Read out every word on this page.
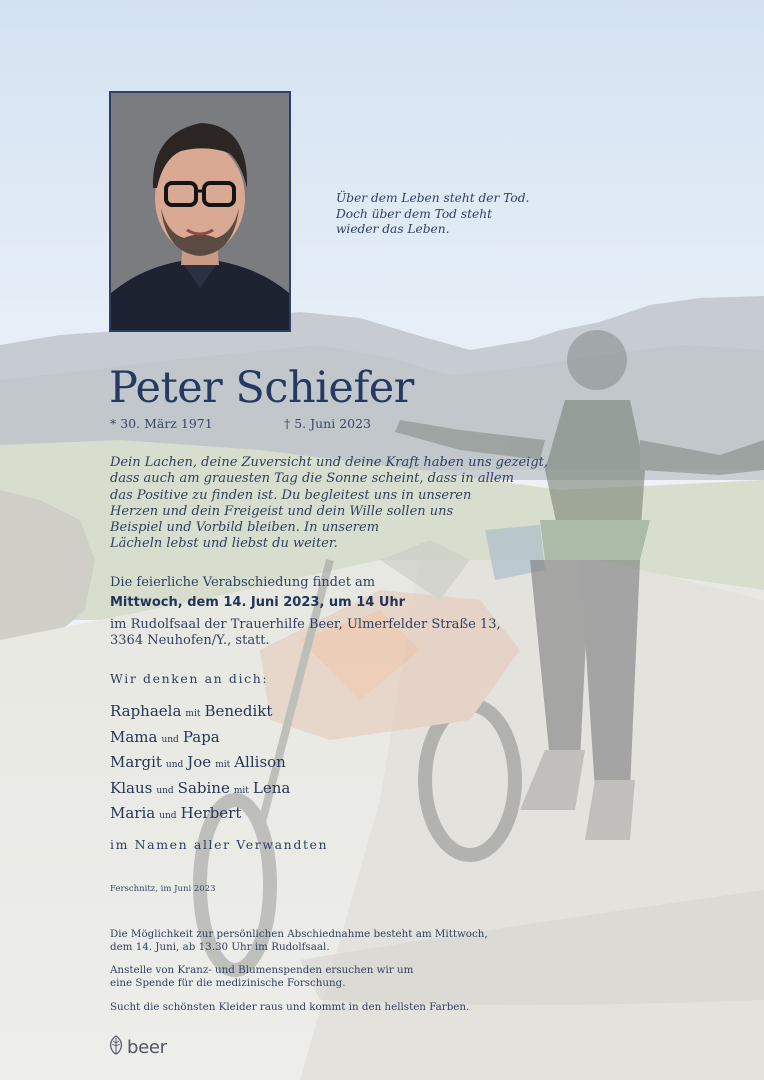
Über dem Leben steht der Tod.
Doch über dem Tod steht
wieder das Leben.
Peter Schiefer
* 30. März 1971	† 5. Juni 2023
Dein Lachen, deine Zuversicht und deine Kraft haben uns gezeigt,
dass auch am grauesten Tag die Sonne scheint, dass in allem
das Positive zu finden ist. Du begleitest uns in unseren
Herzen und dein Freigeist und dein Wille sollen uns
Beispiel und Vorbild bleiben. In unserem
Lächeln lebst und liebst du weiter.
Die feierliche Verabschiedung findet am
Mittwoch, dem 14. Juni 2023, um 14 Uhr
im Rudolfsaal der Trauerhilfe Beer, Ulmerfelder Straße 13,
3364 Neuhofen/Y., statt.
Wir denken an dich:
Raphaela mit Benedikt
Mama und Papa
Margit und Joe mit Allison
Klaus und Sabine mit Lena
Maria und Herbert
im Namen aller Verwandten
Ferschnitz, im Juni 2023
Die Möglichkeit zur persönlichen Abschiednahme besteht am Mittwoch,
dem 14. Juni, ab 13.30 Uhr im Rudolfsaal.
Anstelle von Kranz- und Blumenspenden ersuchen wir um
eine Spende für die medizinische Forschung.
Sucht die schönsten Kleider raus und kommt in den hellsten Farben.
beer
